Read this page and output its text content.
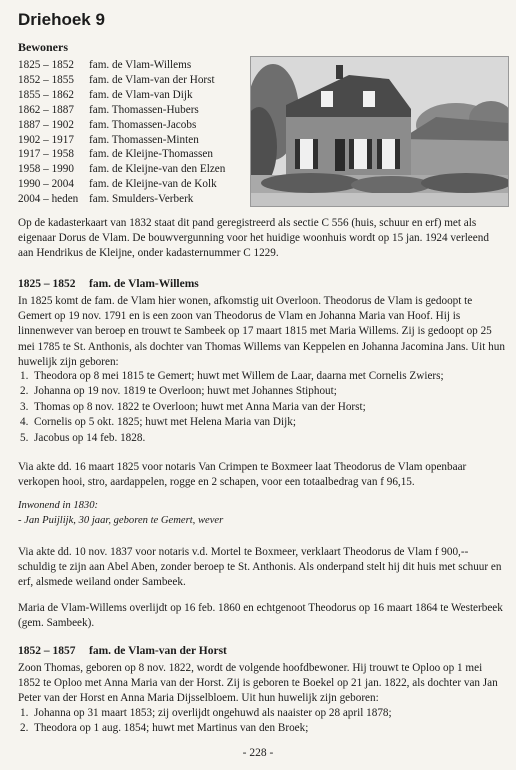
Driehoek 9
Bewoners
1825 – 1852	fam. de Vlam-Willems
1852 – 1855	fam. de Vlam-van der Horst
1855 – 1862	fam. de Vlam-van Dijk
1862 – 1887	fam. Thomassen-Hubers
1887 – 1902	fam. Thomassen-Jacobs
1902 – 1917	fam. Thomassen-Minten
1917 – 1958	fam. de Kleijne-Thomassen
1958 – 1990	fam. de Kleijne-van den Elzen
1990 – 2004	fam. de Kleijne-van de Kolk
2004 – heden fam. Smulders-Verberk
Op de kadasterkaart van 1832 staat dit pand geregistreerd als sectie C 556 (huis, schuur en erf) met als eigenaar Dorus de Vlam. De bouwvergunning voor het huidige woonhuis wordt op 15 jan. 1924 verleend aan Hendrikus de Kleijne, onder kadasternummer C 1229.
1825 – 1852 fam. de Vlam-Willems
In 1825 komt de fam. de Vlam hier wonen, afkomstig uit Overloon. Theodorus de Vlam is gedoopt te Gemert op 19 nov. 1791 en is een zoon van Theodorus de Vlam en Johanna Maria van Hoof. Hij is linnenwever van beroep en trouwt te Sambeek op 17 maart 1815 met Maria Willems. Zij is gedoopt op 25 mei 1785 te St. Anthonis, als dochter van Thomas Willems van Keppelen en Johanna Jacomina Jans. Uit hun huwelijk zijn geboren:
1. Theodora op 8 mei 1815 te Gemert; huwt met Willem de Laar, daarna met Cornelis Zwiers;
2. Johanna op 19 nov. 1819 te Overloon; huwt met Johannes Stiphout;
3. Thomas op 8 nov. 1822 te Overloon; huwt met Anna Maria van der Horst;
4. Cornelis op 5 okt. 1825; huwt met Helena Maria van Dijk;
5. Jacobus op 14 feb. 1828.
Via akte dd. 16 maart 1825 voor notaris Van Crimpen te Boxmeer laat Theodorus de Vlam openbaar verkopen hooi, stro, aardappelen, rogge en 2 schapen, voor een totaalbedrag van f 96,15.
Inwonend in 1830:
- Jan Puijlijk, 30 jaar, geboren te Gemert, wever
Via akte dd. 10 nov. 1837 voor notaris v.d. Mortel te Boxmeer, verklaart Theodorus de Vlam f 900,-- schuldig te zijn aan Abel Aben, zonder beroep te St. Anthonis. Als onderpand stelt hij dit huis met schuur en erf, alsmede weiland onder Sambeek.
Maria de Vlam-Willems overlijdt op 16 feb. 1860 en echtgenoot Theodorus op 16 maart 1864 te Westerbeek (gem. Sambeek).
1852 – 1857 fam. de Vlam-van der Horst
Zoon Thomas, geboren op 8 nov. 1822, wordt de volgende hoofdbewoner. Hij trouwt te Oploo op 1 mei 1852 te Oploo met Anna Maria van der Horst. Zij is geboren te Boekel op 21 jan. 1822, als dochter van Jan Peter van der Horst en Anna Maria Dijsselbloem. Uit hun huwelijk zijn geboren:
1. Johanna op 31 maart 1853; zij overlijdt ongehuwd als naaister op 28 april 1878;
2. Theodora op 1 aug. 1854; huwt met Martinus van den Broek;
- 228 -
